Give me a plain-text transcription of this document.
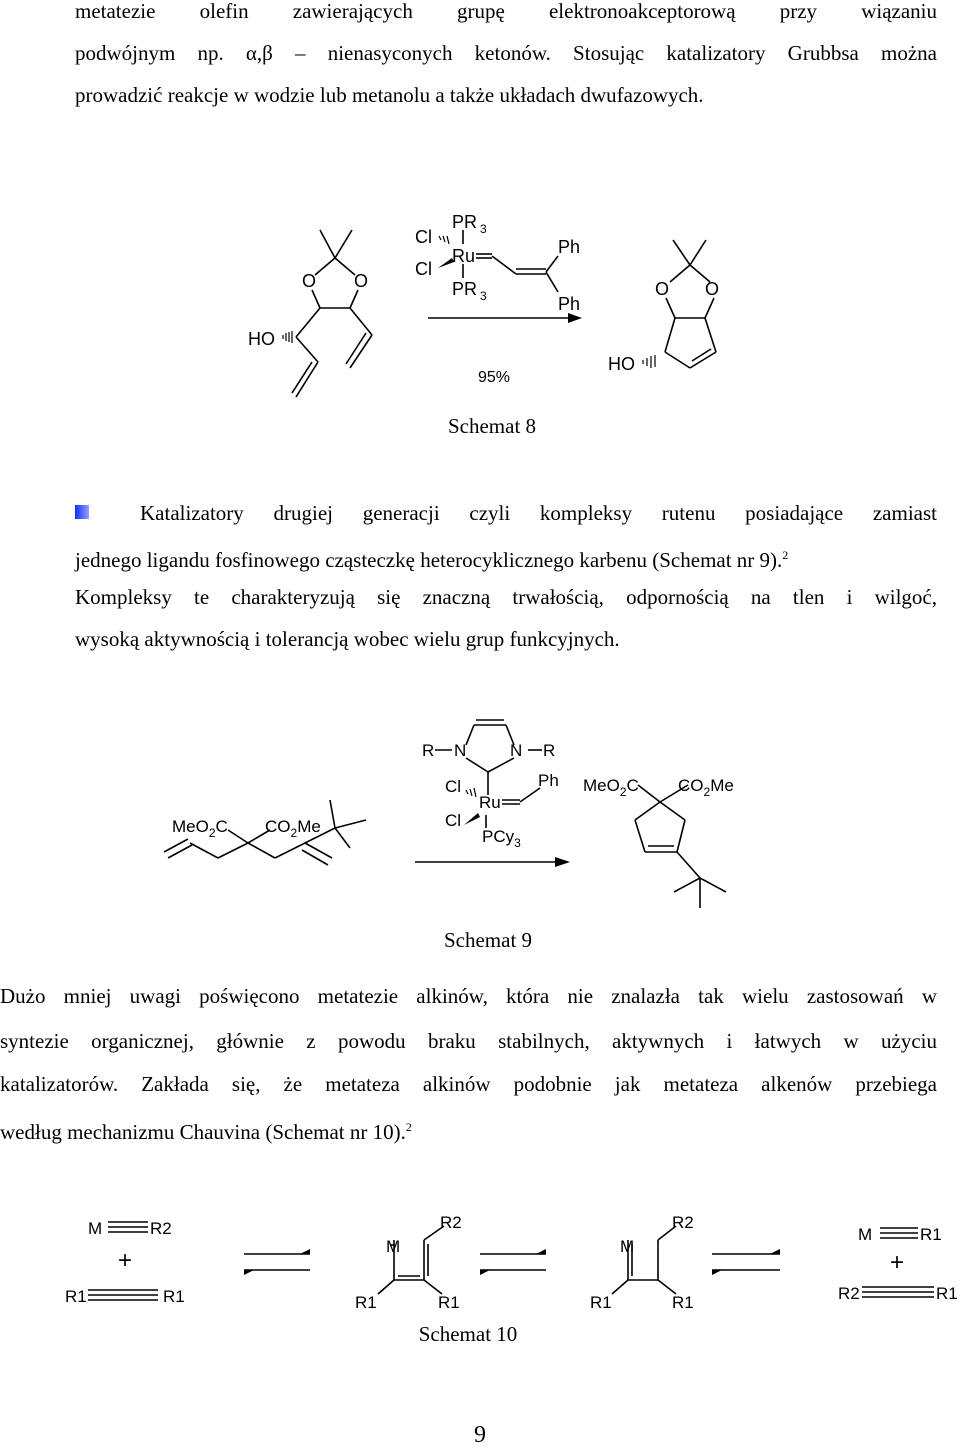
metatezie olefin zawierających grupę elektronoakceptorową przy wiązaniu
podwójnym np. α,β – nienasyconych ketonów. Stosując katalizatory Grubbsa można
prowadzić reakcje w wodzie lub metanolu a także układach dwufazowych.
O O
HO
Cl
Cl
Ru
PR 3
PR 3
Ph
Ph
95%
O O
HO
MeO$_2$C $CO_2Me$
R N	N R
Cl
Cl
Ru
Ph
PCy$_3$
MeO$_2$C $CO_2Me$
M	R2
+
R1	R1
M
R2
R1	R1
M
R2
R1	R1
M	R1
+
R2	R1
Schemat 8
Katalizatory drugiej generacji czyli kompleksy rutenu posiadające zamiast
jednego ligandu fosfinowego cząsteczkę heterocyklicznego karbenu (Schemat nr 9).$^2$
Kompleksy te charakteryzują się znaczną trwałością, odpornością na tlen i wilgoć,
wysoką aktywnością i tolerancją wobec wielu grup funkcyjnych.
Schemat 9
Dużo mniej uwagi poświęcono metatezie alkinów, która nie znalazła tak wielu zastosowań w
syntezie organicznej, głównie z powodu braku stabilnych, aktywnych i łatwych w użyciu
katalizatorów. Zakłada się, że metateza alkinów podobnie jak metateza alkenów przebiega
według mechanizmu Chauvina (Schemat nr 10).$^2$
Schemat 10
9
